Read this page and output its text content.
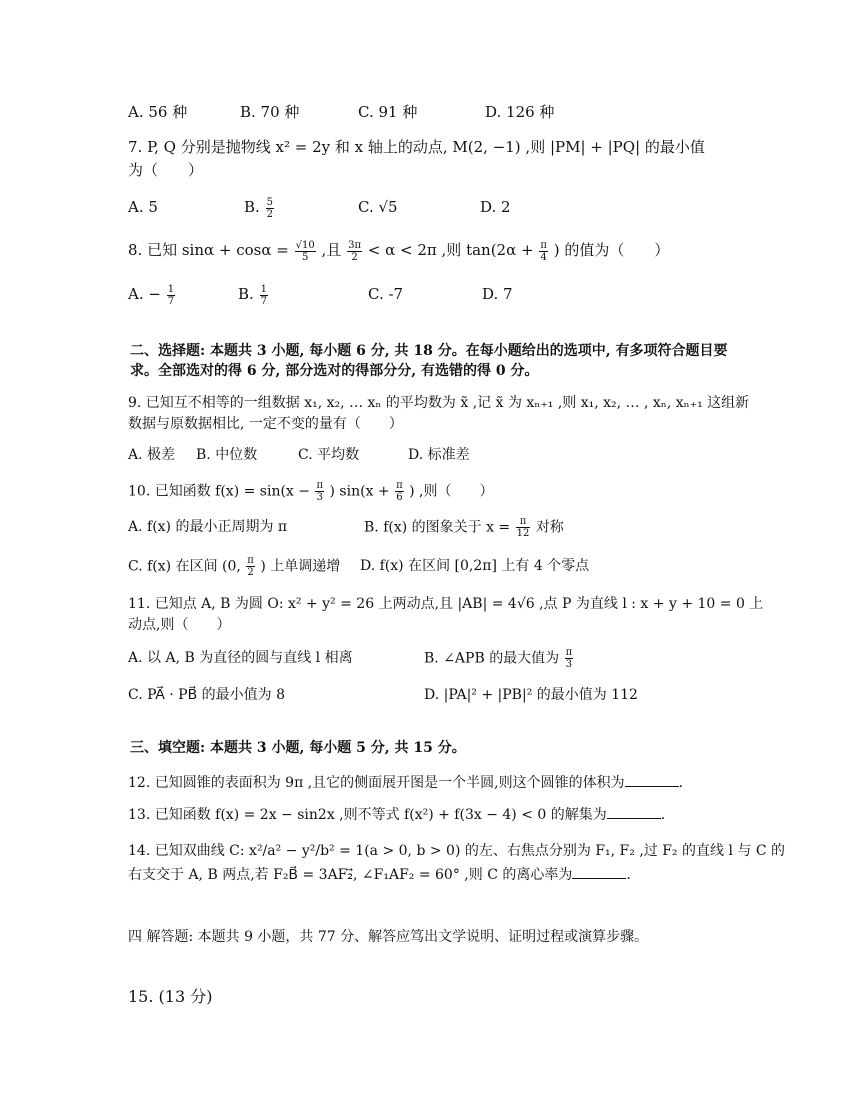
A. 56 种	B. 70 种	C. 91 种	D. 126 种
7. P, Q 分别是抛物线 x² = 2y 和 x 轴上的动点, M(2, −1) ,则 |PM| + |PQ| 的最小值
为（　　）
A. 5	B. $\frac{5}{2}$	C. √5	D. 2
8. 已知 $\sin\alpha + \cos\alpha = \frac{√10}{5}$ ,且 $\frac{3\pi}{2} < \alpha < 2\pi$ ,则 $\tan(2\alpha + \frac{\pi}{4}$ ) 的值为（　　）
A. − $\frac{1}{7}$	B. $\frac{1}{7}$	C. -7	D. 7
二、选择题: 本题共 3 小题, 每小题 6 分, 共 18 分。在每小题给出的选项中, 有多项符合题目要
求。全部选对的得 6 分, 部分选对的得部分分, 有选错的得 0 分。
9. 已知互不相等的一组数据 x₁, x₂, … xₙ 的平均数为 x̃ ,记 x̃ 为 xₙ₊₁ ,则 x₁, x₂, … , xₙ, xₙ₊₁ 这组新
数据与原数据相比, 一定不变的量有（　　）
A. 极差 B. 中位数	C. 平均数	D. 标准差
10. 已知函数 $f(x) = \sin(x - \frac{\pi}{3}$ ) $\sin(x + \frac{\pi}{6}$ ) ,则（　　）
A. f(x) 的最小正周期为 π	B. f(x) 的图象关于 $x = \frac{\pi}{12}$ 对称
C. f(x) 在区间 (0, $\frac{\pi}{2}$ ) 上单调递增 D. f(x) 在区间 [0,2π] 上有 4 个零点
11. 已知点 A, B 为圆 O: x² + y² = 26 上两动点,且 |AB| = 4√6 ,点 P 为直线 l : x + y + 10 = 0 上
动点,则（　　）
A. 以 A, B 为直径的圆与直线 l 相离	B. ∠APB 的最大值为 $\frac{\pi}{3}$
C. PA⃗ · PB⃗ 的最小值为 8	D. |PA|² + |PB|² 的最小值为 112
三、填空题: 本题共 3 小题, 每小题 5 分, 共 15 分。
12. 已知圆锥的表面积为 9π ,且它的侧面展开图是一个半圆,则这个圆锥的体积为	.
13. 已知函数 f(x) = 2x − sin2x ,则不等式 f(x²) + f(3x − 4) < 0 的解集为	.
14. 已知双曲线 C: x²/a² − y²/b² = 1(a > 0, b > 0) 的左、右焦点分别为 F₁, F₂ ,过 F₂ 的直线 l 与 C 的
右支交于 A, B 两点,若 F₂B⃗ = 3AF₂⃗, ∠F₁AF₂ = 60° ,则 C 的离心率为	.
四 解答题: 本题共 9 小题，共 77 分、解答应笃出文学说明、证明过程或演算步骤。
15. (13 分)
